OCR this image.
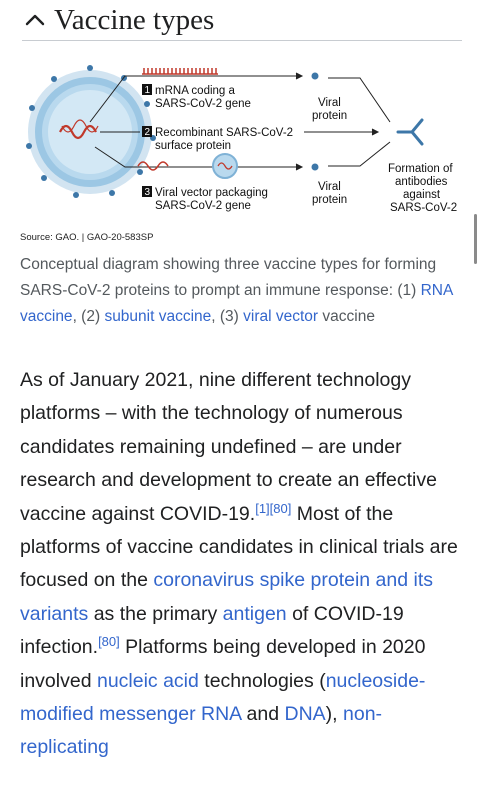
Vaccine types
1 mRNA coding a
SARS-CoV-2 gene
2 Recombinant SARS-CoV-2
surface protein
3 Viral vector packaging
SARS-CoV-2 gene
Viral
protein
Viral
protein
Formation of
antibodies
against
SARS-CoV-2
Source: GAO. | GAO-20-583SP
Conceptual diagram showing three vaccine types for forming SARS-CoV-2 proteins to prompt an immune response: (1) RNA vaccine, (2) subunit vaccine, (3) viral vector vaccine
As of January 2021, nine different technology platforms – with the technology of numerous candidates remaining undefined – are under research and development to create an effective vaccine against COVID-19.[1][80] Most of the platforms of vaccine candidates in clinical trials are focused on the coronavirus spike protein and its variants as the primary antigen of COVID-19 infection.[80] Platforms being developed in 2020 involved nucleic acid technologies (nucleoside-modified messenger RNA and DNA), non-replicating
